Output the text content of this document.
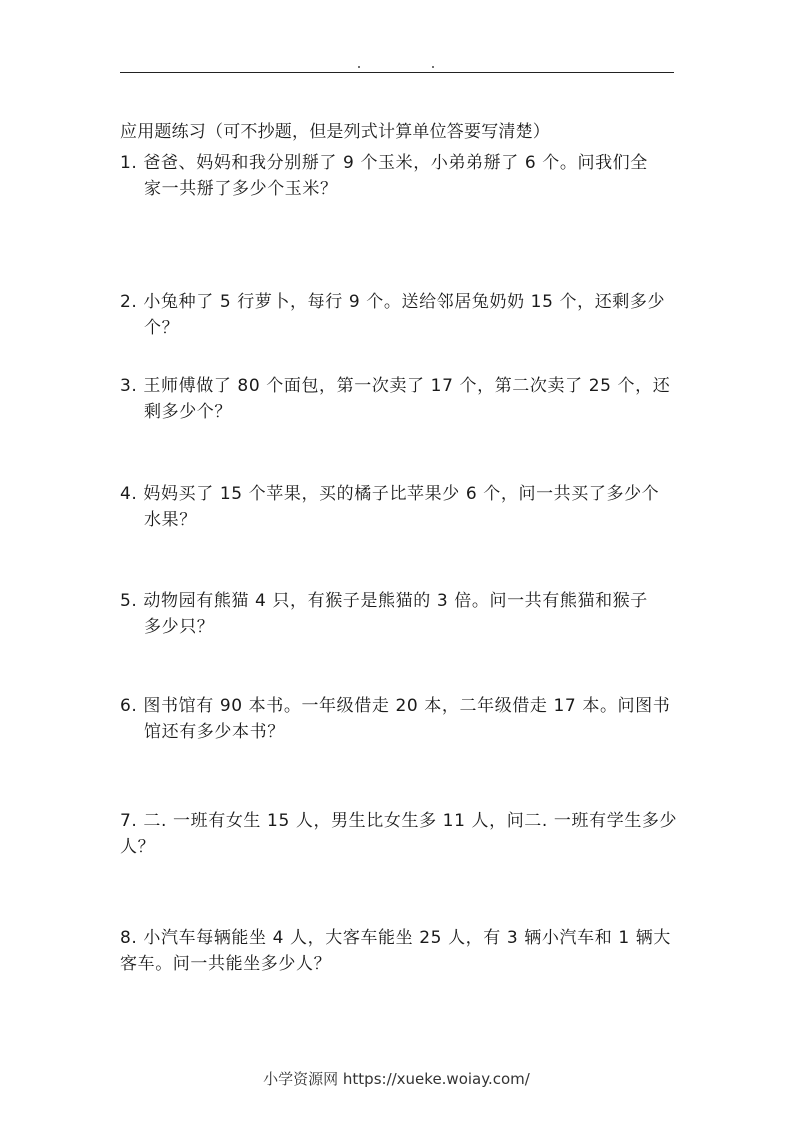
应用题练习（可不抄题，但是列式计算单位答要写清楚）
1. 爸爸、妈妈和我分别掰了 9 个玉米，小弟弟掰了 6 个。问我们全
家一共掰了多少个玉米？
2. 小兔种了 5 行萝卜，每行 9 个。送给邻居兔奶奶 15 个，还剩多少
个？
3. 王师傅做了 80 个面包，第一次卖了 17 个，第二次卖了 25 个，还
剩多少个？
4. 妈妈买了 15 个苹果，买的橘子比苹果少 6 个，问一共买了多少个
水果？
5. 动物园有熊猫 4 只，有猴子是熊猫的 3 倍。问一共有熊猫和猴子
多少只？
6. 图书馆有 90 本书。一年级借走 20 本，二年级借走 17 本。问图书
馆还有多少本书？
7. 二. 一班有女生 15 人，男生比女生多 11 人，问二. 一班有学生多少
人？
8. 小汽车每辆能坐 4 人，大客车能坐 25 人，有 3 辆小汽车和 1 辆大
客车。问一共能坐多少人？
小学资源网 https://xueke.woiay.com/
